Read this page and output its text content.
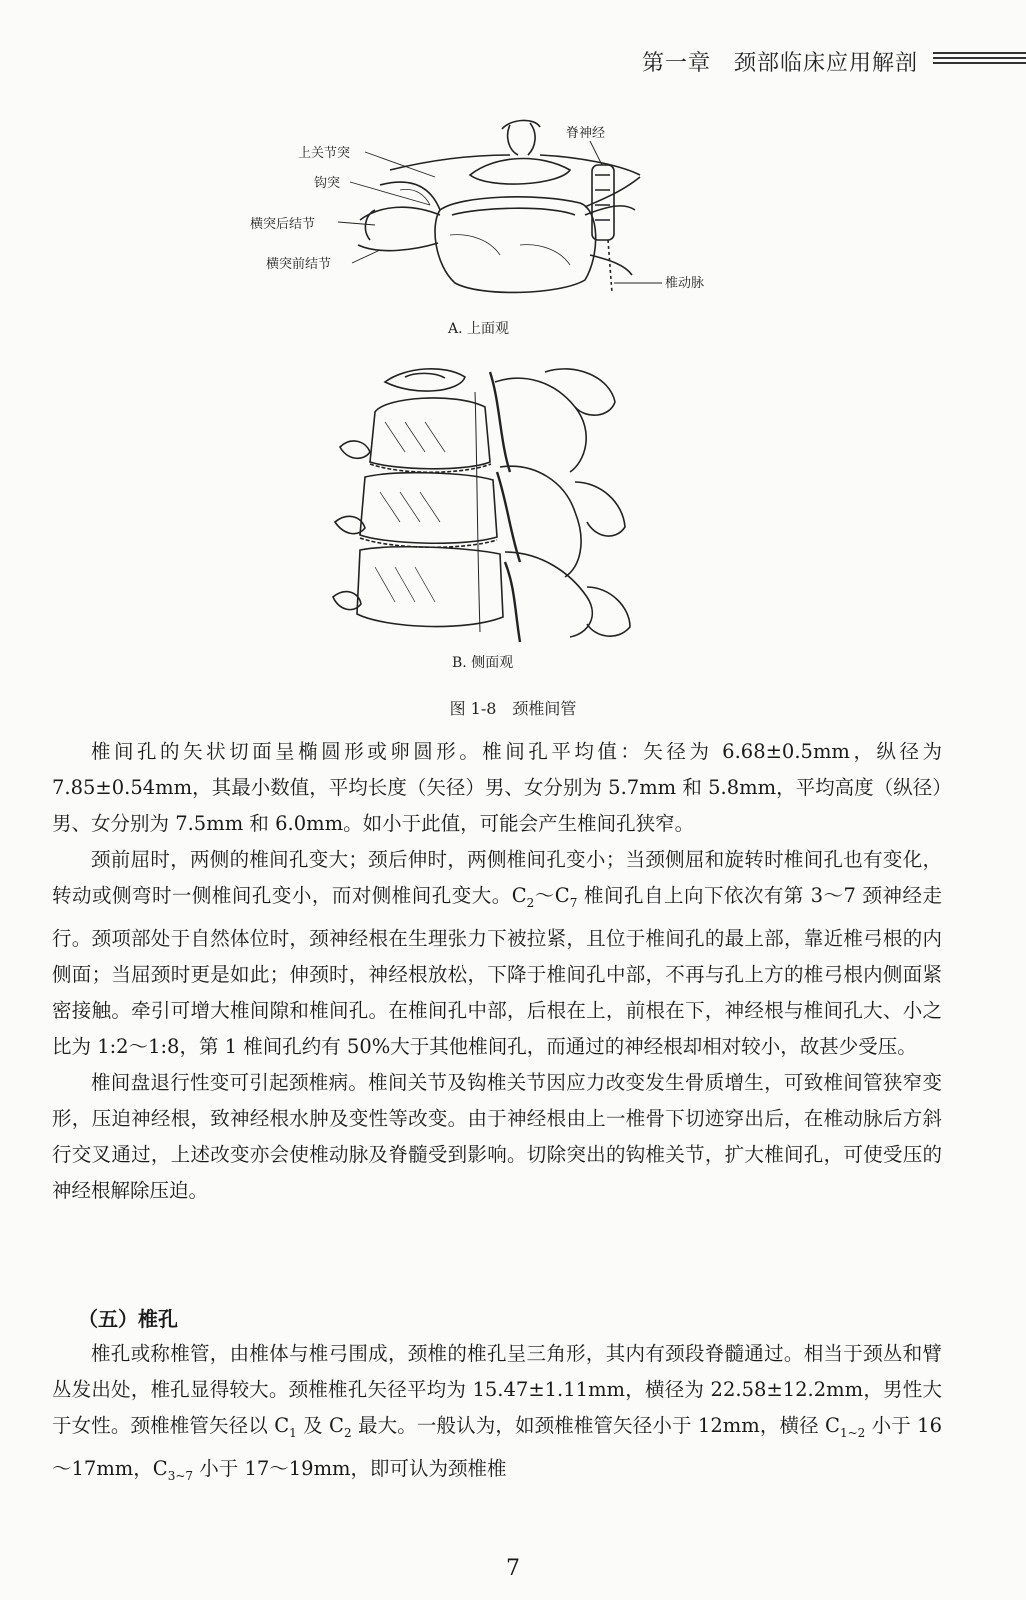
第一章　颈部临床应用解剖
上关节突
钩突
横突后结节
横突前结节
脊神经
椎动脉
A. 上面观
B. 侧面观
图 1-8　颈椎间管

椎间孔的矢状切面呈椭圆形或卵圆形。椎间孔平均值：矢径为 6.68±0.5mm，纵径为 7.85±0.54mm，其最小数值，平均长度（矢径）男、女分别为 5.7mm 和 5.8mm，平均高度（纵径）男、女分别为 7.5mm 和 6.0mm。如小于此值，可能会产生椎间孔狭窄。

颈前屈时，两侧的椎间孔变大；颈后伸时，两侧椎间孔变小；当颈侧屈和旋转时椎间孔也有变化，转动或侧弯时一侧椎间孔变小，而对侧椎间孔变大。$C_2\sim C_7$ 椎间孔自上向下依次有第 3～7 颈神经走行。颈项部处于自然体位时，颈神经根在生理张力下被拉紧，且位于椎间孔的最上部，靠近椎弓根的内侧面；当屈颈时更是如此；伸颈时，神经根放松，下降于椎间孔中部，不再与孔上方的椎弓根内侧面紧密接触。牵引可增大椎间隙和椎间孔。在椎间孔中部，后根在上，前根在下，神经根与椎间孔大、小之比为 1:2～1:8，第 1 椎间孔约有 50%大于其他椎间孔，而通过的神经根却相对较小，故甚少受压。

椎间盘退行性变可引起颈椎病。椎间关节及钩椎关节因应力改变发生骨质增生，可致椎间管狭窄变形，压迫神经根，致神经根水肿及变性等改变。由于神经根由上一椎骨下切迹穿出后，在椎动脉后方斜行交叉通过，上述改变亦会使椎动脉及脊髓受到影响。切除突出的钩椎关节，扩大椎间孔，可使受压的神经根解除压迫。

（五）椎孔

椎孔或称椎管，由椎体与椎弓围成，颈椎的椎孔呈三角形，其内有颈段脊髓通过。相当于颈丛和臂丛发出处，椎孔显得较大。颈椎椎孔矢径平均为 15.47±1.11mm，横径为 22.58±12.2mm，男性大于女性。颈椎椎管矢径以 $C_1$ 及 $C_2$ 最大。一般认为，如颈椎椎管矢径小于 12mm，横径 $C_{1\sim 2}$ 小于 16～17mm，$C_{3\sim 7}$ 小于 17～19mm，即可认为颈椎椎

7
